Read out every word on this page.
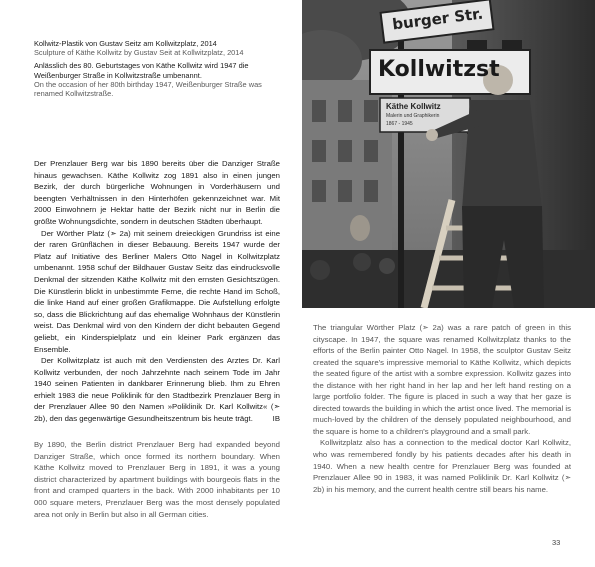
Kollwitz-Plastik von Gustav Seitz am Kollwitzplatz, 2014

Sculpture of Käthe Kollwitz by Gustav Seit at Kollwitzplatz, 2014

Anlässlich des 80. Geburtstages von Käthe Kollwitz wird 1947 die Weißenburger Straße in Kollwitzstraße umbenannt.

On the occasion of her 80th birthday 1947, Weißenburger Straße was renamed Kollwitzstraße.

burger Str.
Kollwitzst
Käthe Kollwitz
Malerin und Graphikerin
1867 - 1945

Der Prenzlauer Berg war bis 1890 bereits über die Danziger Straße hinaus gewachsen. Käthe Kollwitz zog 1891 also in einen jungen Bezirk, der durch bürgerliche Wohnungen in Vorderhäusern und beengten Verhältnissen in den Hinterhöfen gekennzeichnet war. Mit 2000 Einwohnern je Hektar hatte der Bezirk nicht nur in Berlin die größte Wohnungsdichte, sondern in deutschen Städten überhaupt.

Der Wörther Platz (➣ 2a) mit seinem dreieckigen Grundriss ist eine der raren Grünflächen in dieser Bebauung. Bereits 1947 wurde der Platz auf Initiative des Berliner Malers Otto Nagel in Kollwitzplatz umbenannt. 1958 schuf der Bildhauer Gustav Seitz das eindrucksvolle Denkmal der sitzenden Käthe Kollwitz mit den ernsten Gesichtszügen. Die Künstlerin blickt in unbestimmte Ferne, die rechte Hand im Schoß, die linke Hand auf einer großen Grafikmappe. Die Aufstellung erfolgte so, dass die Blickrichtung auf das ehemalige Wohnhaus der Künstlerin weist. Das Denkmal wird von den Kindern der dicht bebauten Gegend geliebt, ein Kinderspielplatz und ein kleiner Park ergänzen das Ensemble.

Der Kollwitzplatz ist auch mit den Verdiensten des Arztes Dr. Karl Kollwitz verbunden, der noch Jahrzehnte nach seinem Tode im Jahr 1940 seinen Patienten in dankbarer Erinnerung blieb. Ihm zu Ehren erhielt 1983 die neue Poliklinik für den Stadtbezirk Prenzlauer Berg in der Prenzlauer Allee 90 den Namen »Poliklinik Dr. Karl Kollwitz« (➣ 2b), den das gegenwärtige Gesundheitszentrum bis heute trägt.	IB

By 1890, the Berlin district Prenzlauer Berg had expanded beyond Danziger Straße, which once formed its northern boundary. When Käthe Kollwitz moved to Prenzlauer Berg in 1891, it was a young district characterized by apartment buildings with bourgeois flats in the front and cramped quarters in the back. With 2000 inhabitants per 10 000 square meters, Prenzlauer Berg was the most densely populated area not only in Berlin but also in all German cities.

The triangular Wörther Platz (➣ 2a) was a rare patch of green in this cityscape. In 1947, the square was renamed Kollwitzplatz thanks to the efforts of the Berlin painter Otto Nagel. In 1958, the sculptor Gustav Seitz created the square's impressive memorial to Käthe Kollwitz, which depicts the seated figure of the artist with a sombre expression. Kollwitz gazes into the distance with her right hand in her lap and her left hand resting on a large portfolio folder. The figure is placed in such a way that her gaze is directed towards the building in which the artist once lived. The memorial is much-loved by the children of the densely populated neighbourhood, and the square is home to a children's playground and a small park.

Kollwitzplatz also has a connection to the medical doctor Karl Kollwitz, who was remembered fondly by his patients decades after his death in 1940. When a new health centre for Prenzlauer Berg was founded at Prenzlauer Allee 90 in 1983, it was named Poliklinik Dr. Karl Kollwitz (➣ 2b) in his memory, and the current health centre still bears his name.

33
